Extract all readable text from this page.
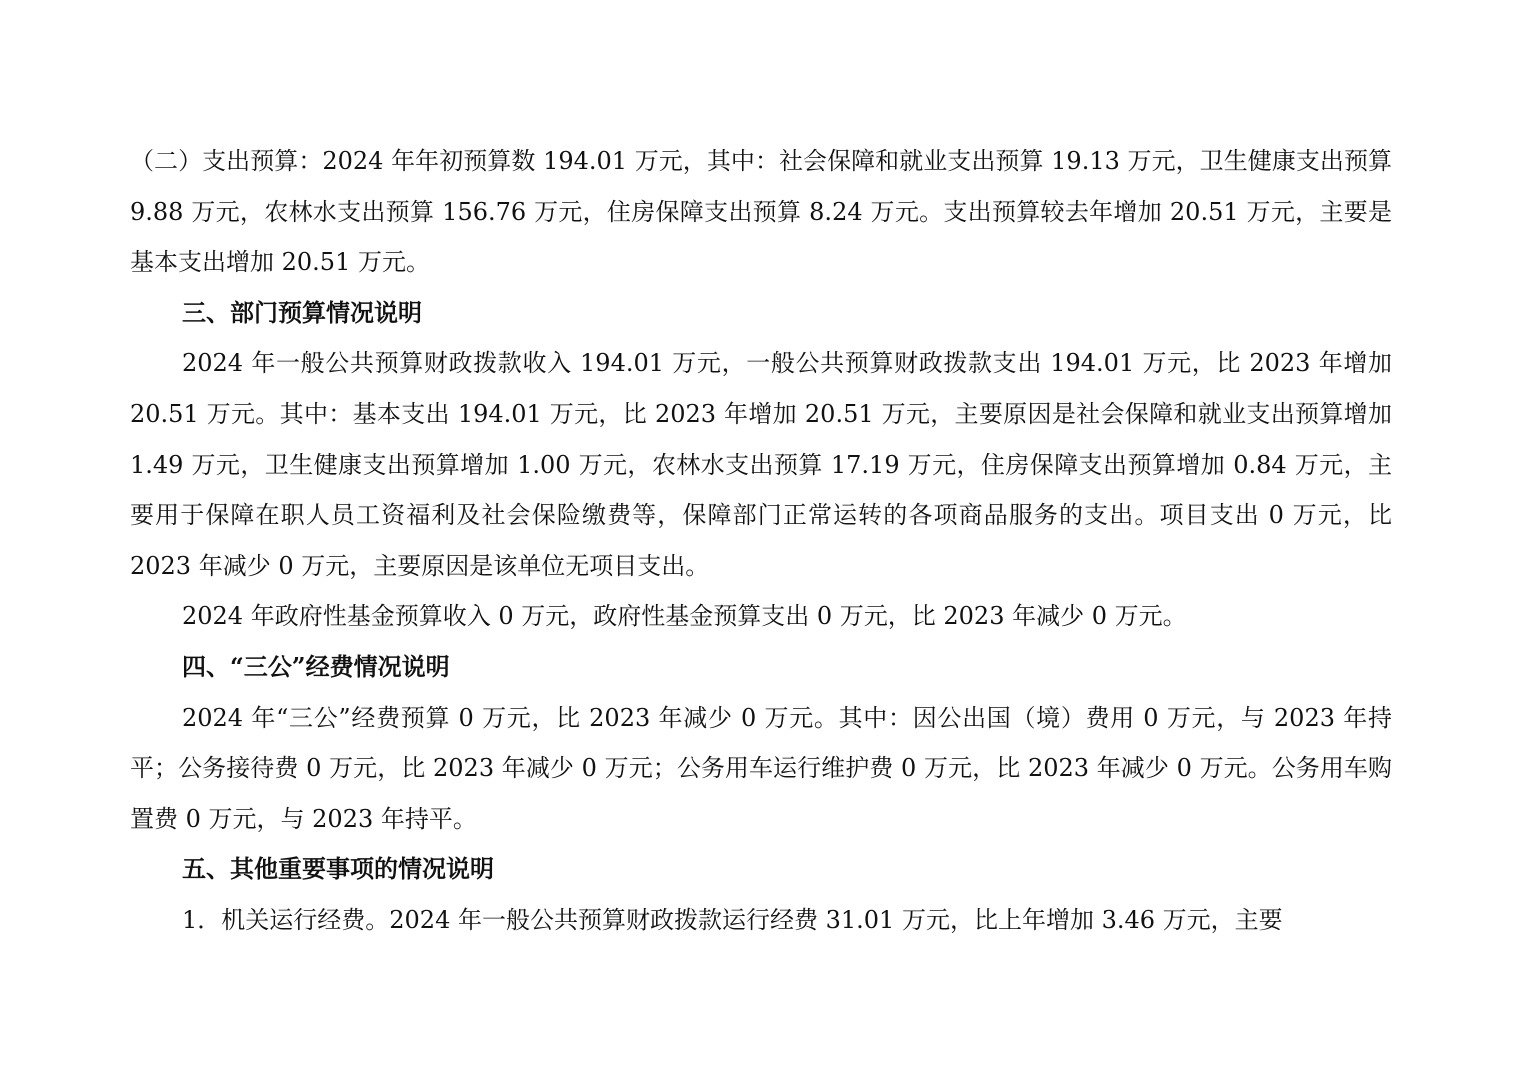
（二）支出预算：2024 年年初预算数 194.01 万元，其中：社会保障和就业支出预算 19.13 万元，卫生健康支出预算 9.88 万元，农林水支出预算 156.76 万元，住房保障支出预算 8.24 万元。支出预算较去年增加 20.51 万元，主要是基本支出增加 20.51 万元。

三、部门预算情况说明

2024 年一般公共预算财政拨款收入 194.01 万元，一般公共预算财政拨款支出 194.01 万元，比 2023 年增加 20.51 万元。其中：基本支出 194.01 万元，比 2023 年增加 20.51 万元，主要原因是社会保障和就业支出预算增加 1.49 万元，卫生健康支出预算增加 1.00 万元，农林水支出预算 17.19 万元，住房保障支出预算增加 0.84 万元，主要用于保障在职人员工资福利及社会保险缴费等，保障部门正常运转的各项商品服务的支出。项目支出 0 万元，比 2023 年减少 0 万元，主要原因是该单位无项目支出。

2024 年政府性基金预算收入 0 万元，政府性基金预算支出 0 万元，比 2023 年减少 0 万元。

四、“三公”经费情况说明

2024 年“三公”经费预算 0 万元，比 2023 年减少 0 万元。其中：因公出国（境）费用 0 万元，与 2023 年持平；公务接待费 0 万元，比 2023 年减少 0 万元；公务用车运行维护费 0 万元，比 2023 年减少 0 万元。公务用车购置费 0 万元，与 2023 年持平。

五、其他重要事项的情况说明

1．机关运行经费。2024 年一般公共预算财政拨款运行经费 31.01 万元，比上年增加 3.46 万元，主要
